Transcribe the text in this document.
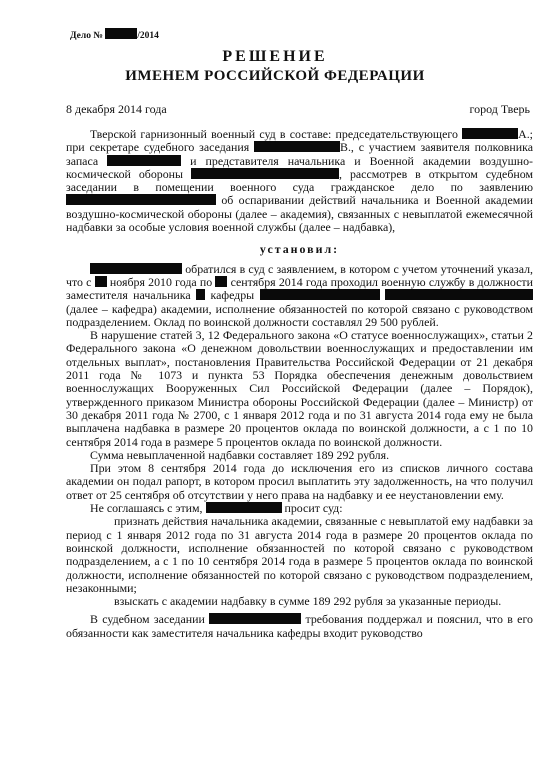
Дело №	/2014
РЕШЕНИЕ
ИМЕНЕМ РОССИЙСКОЙ ФЕДЕРАЦИИ
8 декабря 2014 года	город Тверь

Тверской гарнизонный военный суд в составе: председательствующего	А.; при секретаре судебного заседания	В., с участием заявителя полковника запаса	и представителя начальника и Военной академии воздушно-космической обороны	, рассмотрев в открытом судебном заседании в помещении военного суда гражданское дело по заявлению  об оспаривании действий начальника и Военной академии воздушно-космической обороны (далее – академия), связанных с невыплатой ежемесячной надбавки за особые условия военной службы (далее – надбавка),

установил:

обратился в суд с заявлением, в котором с учетом уточнений указал, что с ноября 2010 года по сентября 2014 года проходил военную службу в должности заместителя начальника кафедры   (далее – кафедра) академии, исполнение обязанностей по которой связано с руководством подразделением. Оклад по воинской должности составлял 29 500 рублей.

В нарушение статей 3, 12 Федерального закона «О статусе военнослужащих», статьи 2 Федерального закона «О денежном довольствии военнослужащих и предоставлении им отдельных выплат», постановления Правительства Российской Федерации от 21 декабря 2011 года № 1073 и пункта 53 Порядка обеспечения денежным довольствием военнослужащих Вооруженных Сил Российской Федерации (далее – Порядок), утвержденного приказом Министра обороны Российской Федерации (далее – Министр) от 30 декабря 2011 года № 2700, с 1 января 2012 года и по 31 августа 2014 года ему не была выплачена надбавка в размере 20 процентов оклада по воинской должности, а с 1 по 10 сентября 2014 года в размере 5 процентов оклада по воинской должности.

Сумма невыплаченной надбавки составляет 189 292 рубля.

При этом 8 сентября 2014 года до исключения его из списков личного состава академии он подал рапорт, в котором просил выплатить эту задолженность, на что получил ответ от 25 сентября об отсутствии у него права на надбавку и ее неустановлении ему.

Не соглашаясь с этим,	просит суд:

признать действия начальника академии, связанные с невыплатой ему надбавки за период с 1 января 2012 года по 31 августа 2014 года в размере 20 процентов оклада по воинской должности, исполнение обязанностей по которой связано с руководством подразделением, а с 1 по 10 сентября 2014 года в размере 5 процентов оклада по воинской должности, исполнение обязанностей по которой связано с руководством подразделением, незаконными;

взыскать с академии надбавку в сумме 189 292 рубля за указанные периоды.

В судебном заседании	требования поддержал и пояснил, что в его обязанности как заместителя начальника кафедры входит руководство
